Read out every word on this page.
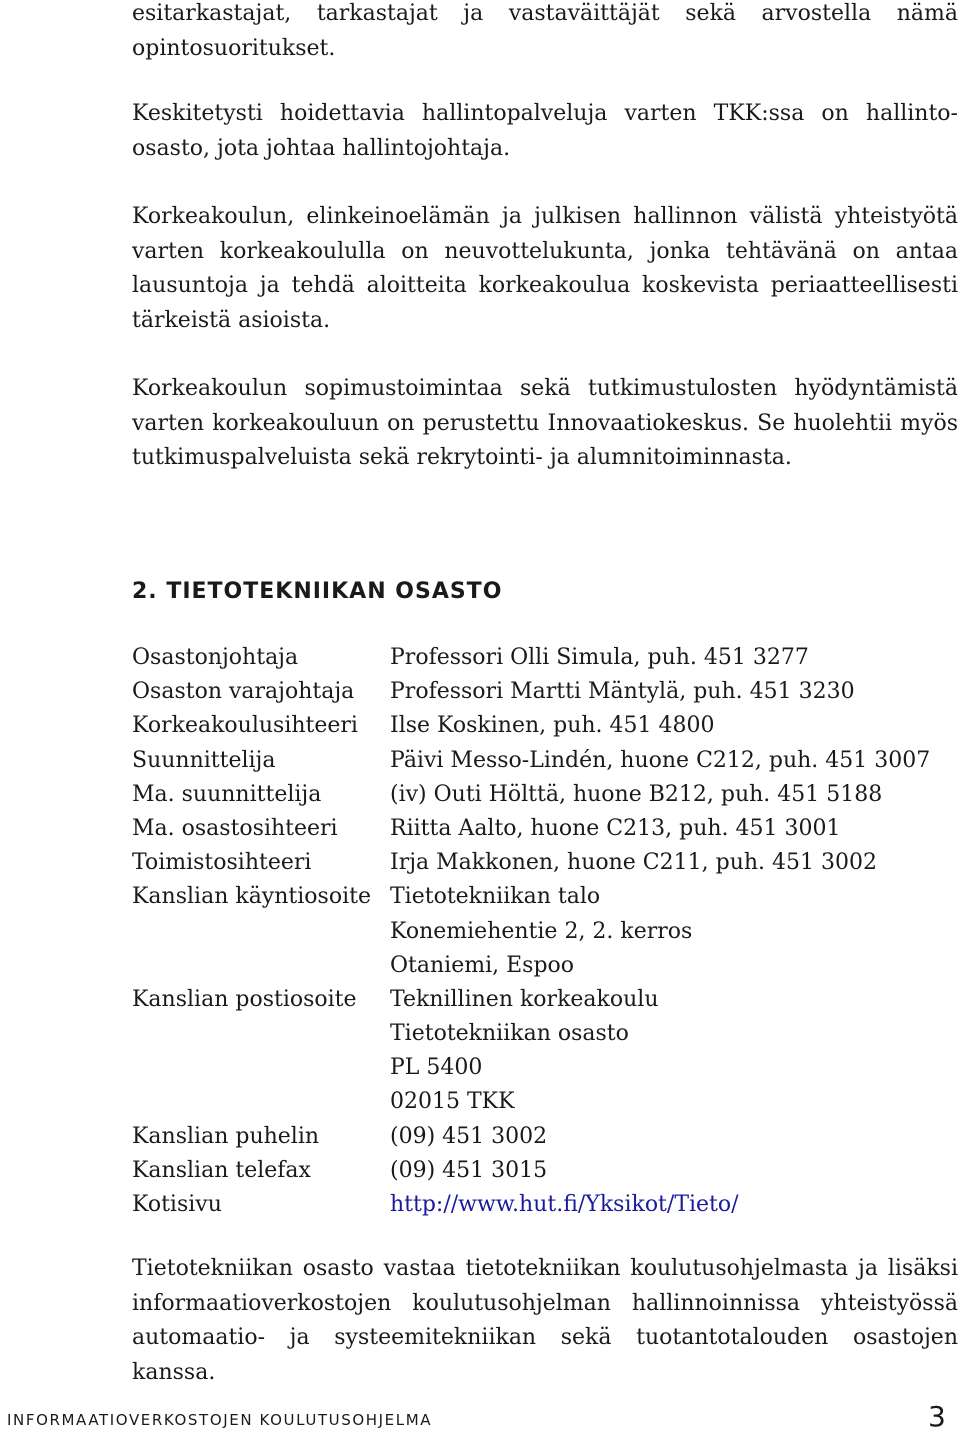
esitarkastajat, tarkastajat ja vastaväittäjät sekä arvostella nämä opintosuoritukset.

Keskitetysti hoidettavia hallintopalveluja varten TKK:ssa on hallinto-osasto, jota johtaa hallintojohtaja.

Korkeakoulun, elinkeinoelämän ja julkisen hallinnon välistä yhteistyötä varten korkeakoululla on neuvottelukunta, jonka tehtävänä on antaa lausuntoja ja tehdä aloitteita korkeakoulua koskevista periaatteellisesti tärkeistä asioista.

Korkeakoulun sopimustoimintaa sekä tutkimustulosten hyödyntämistä varten korkeakouluun on perustettu Innovaatiokeskus. Se huolehtii myös tutkimuspalveluista sekä rekrytointi- ja alumnitoiminnasta.

2. TIETOTEKNIIKAN OSASTO
Osastonjohtaja	Professori Olli Simula, puh. 451 3277
Osaston varajohtaja	Professori Martti Mäntylä, puh. 451 3230
Korkeakoulusihteeri	Ilse Koskinen, puh. 451 4800
Suunnittelija	Päivi Messo-Lindén, huone C212, puh. 451 3007
Ma. suunnittelija	(iv) Outi Hölttä, huone B212, puh. 451 5188
Ma. osastosihteeri	Riitta Aalto, huone C213, puh. 451 3001
Toimistosihteeri	Irja Makkonen, huone C211, puh. 451 3002
Kanslian käyntiosoite Tietotekniikan talo
Konemiehentie 2, 2. kerros
Otaniemi, Espoo
Kanslian postiosoite	Teknillinen korkeakoulu
Tietotekniikan osasto
PL 5400
02015 TKK
Kanslian puhelin	(09) 451 3002
Kanslian telefax	(09) 451 3015
Kotisivu	http://www.hut.fi/Yksikot/Tieto/

Tietotekniikan osasto vastaa tietotekniikan koulutusohjelmasta ja lisäksi informaatioverkostojen koulutusohjelman hallinnoinnissa yhteistyössä automaatio- ja systeemitekniikan sekä tuotantotalouden osastojen kanssa.

INFORMAATIOVERKOSTOJEN KOULUTUSOHJELMA	3
